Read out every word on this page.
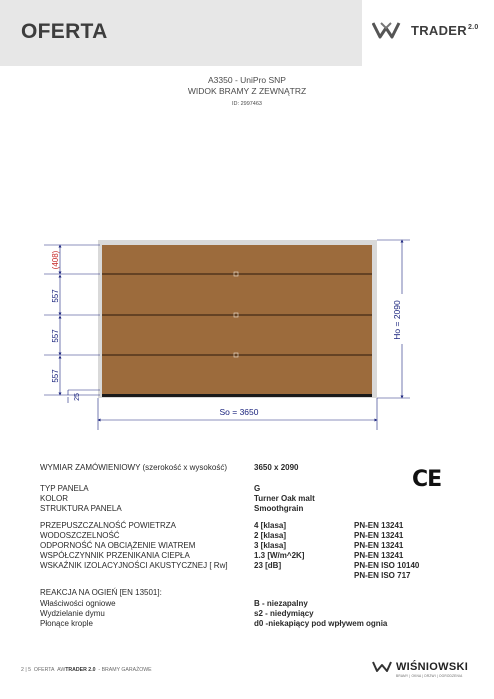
OFERTA	$TRADER^{2.0}$
A3350 - UniPro SNP
WIDOK BRAMY Z ZEWNĄTRZ
ID: 2997463
(408)
557
557
557
25
So = 3650
Ho = 2090
WYMIAR ZAMÓWIENIOWY (szerokość x wysokość)	3650 x 2090
TYP PANELA	G
KOLOR	Turner Oak malt
STRUKTURA PANELA	Smoothgrain
PRZEPUSZCZALNOŚĆ POWIETRZA	4 [klasa]	PN-EN 13241
WODOSZCZELNOŚĆ	2 [klasa]	PN-EN 13241
ODPORNOŚĆ NA OBCIĄŻENIE WIATREM	3 [klasa]	PN-EN 13241
WSPÓŁCZYNNIK PRZENIKANIA CIEPŁA	1.3 [W/m^2K]	PN-EN 13241
WSKAŹNIK IZOLACYJNOŚCI AKUSTYCZNEJ [ Rw]	23 [dB]	PN-EN ISO 10140
PN-EN ISO 717
REAKCJA NA OGIEŃ [EN 13501]:
Właściwości ogniowe	B - niezapalny
Wydzielanie dymu	s2 - niedymiący
Płonące krople	d0 -niekapiący pod wpływem ognia
CE
2 | 5 OFERTA AWTRADER 2.0 - BRAMY GARAŻOWE	WIŚNIOWSKI
BRAMY | OKNA | DRZWI | OGRODZENIA
